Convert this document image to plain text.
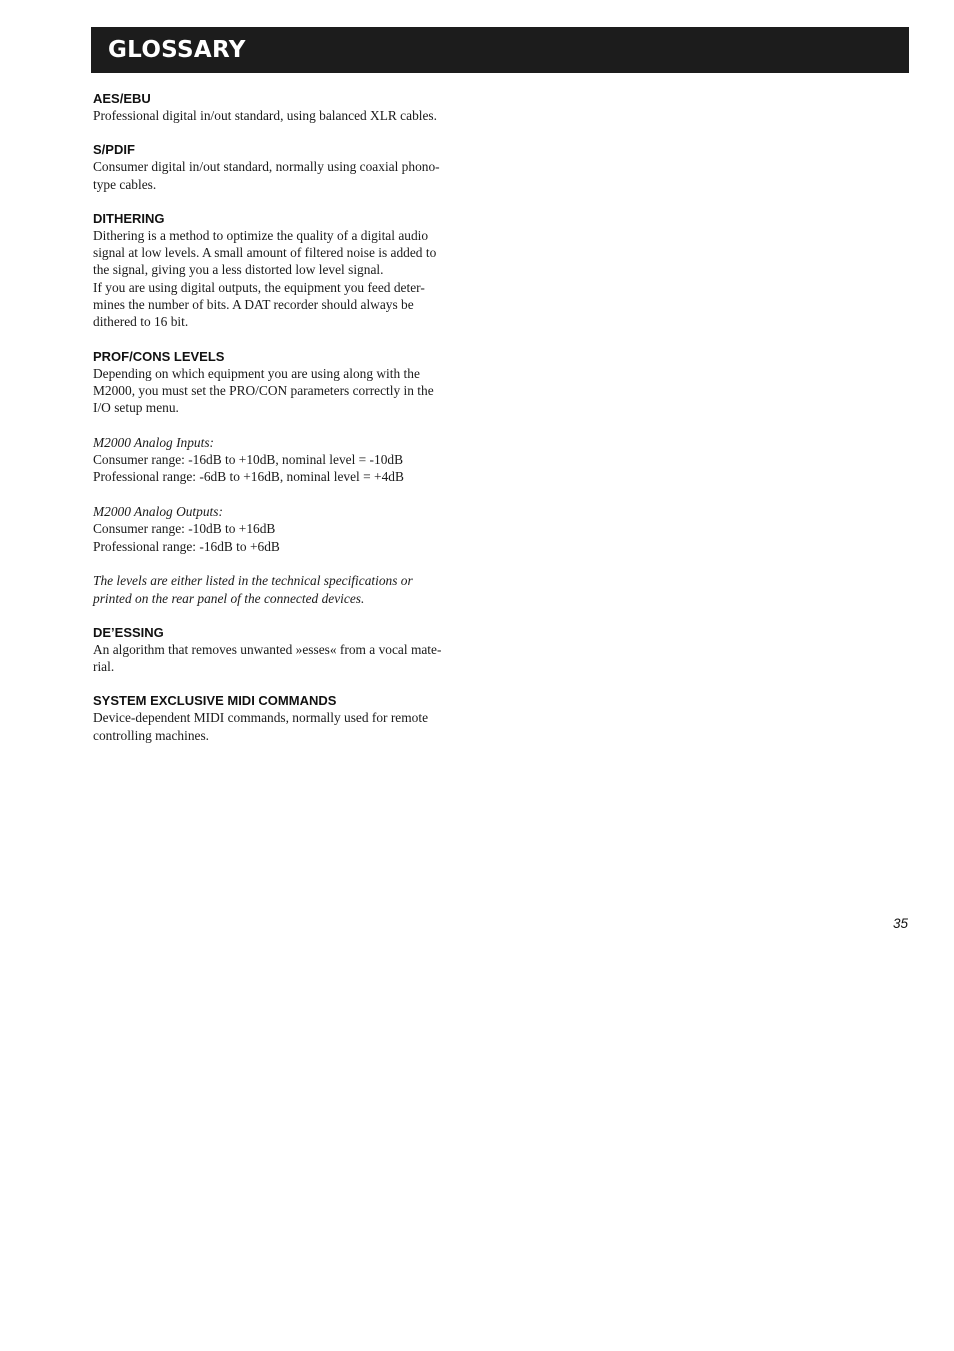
GLOSSARY

AES/EBU

Professional digital in/out standard, using balanced XLR cables.

S/PDIF

Consumer digital in/out standard, normally using coaxial phono-
type cables.

DITHERING

Dithering is a method to optimize the quality of a digital audio
signal at low levels. A small amount of filtered noise is added to
the signal, giving you a less distorted low level signal.
If you are using digital outputs, the equipment you feed deter-
mines the number of bits. A DAT recorder should always be
dithered to 16 bit.

PROF/CONS LEVELS

Depending on which equipment you are using along with the
M2000, you must set the PRO/CON parameters correctly in the
I/O setup menu.

M2000 Analog Inputs:

Consumer range: -16dB to +10dB, nominal level = -10dB
Professional range: -6dB to +16dB, nominal level = +4dB

M2000 Analog Outputs:

Consumer range: -10dB to +16dB
Professional range: -16dB to +6dB

The levels are either listed in the technical specifications or
printed on the rear panel of the connected devices.

DE’ESSING

An algorithm that removes unwanted »esses« from a vocal mate-
rial.

SYSTEM EXCLUSIVE MIDI COMMANDS

Device-dependent MIDI commands, normally used for remote
controlling machines.

35
